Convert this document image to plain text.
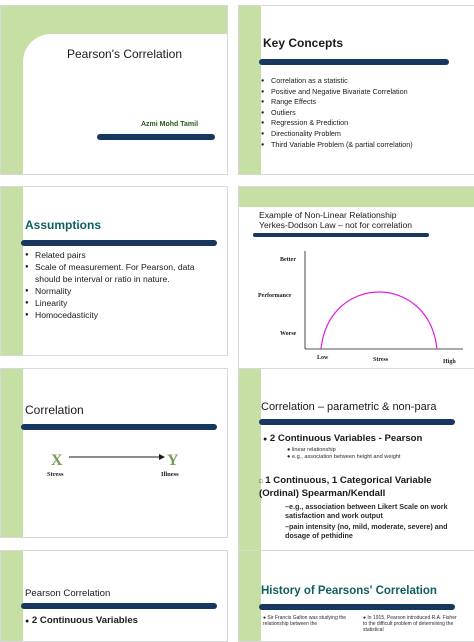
Pearson's Correlation
Azmi Mohd Tamil
Key Concepts
● Correlation as a statistic
● Positive and Negative Bivariate Correlation
● Range Effects
● Outliers
● Regression & Prediction
● Directionality Problem
● Third Variable Problem (& partial correlation)
Assumptions
● Related pairs
● Scale of measurement. For Pearson, data should be interval or ratio in nature.
● Normality
● Linearity
● Homocedasticity
Example of Non-Linear Relationship
Yerkes-Dodson Law – not for correlation
Better
Performance
Worse
Low	Stress	High
Correlation
X	Y
Stress	Illness
Correlation – parametric & non-para
● 2 Continuous Variables - Pearson
● linear relationship
● e.g., association between height and weight
□ 1 Continuous, 1 Categorical Variable (Ordinal) Spearman/Kendall
–e.g., association between Likert Scale on work satisfaction and work output
–pain intensity (no, mild, moderate, severe) and dosage of pethidine
Pearson Correlation
● 2 Continuous Variables
History of Pearsons' Correlation
● Sir Francis Galton was studying the relationship between the
● In 1915, Pearson introduced R.A. Fisher to the difficult problem of determining the statistical
